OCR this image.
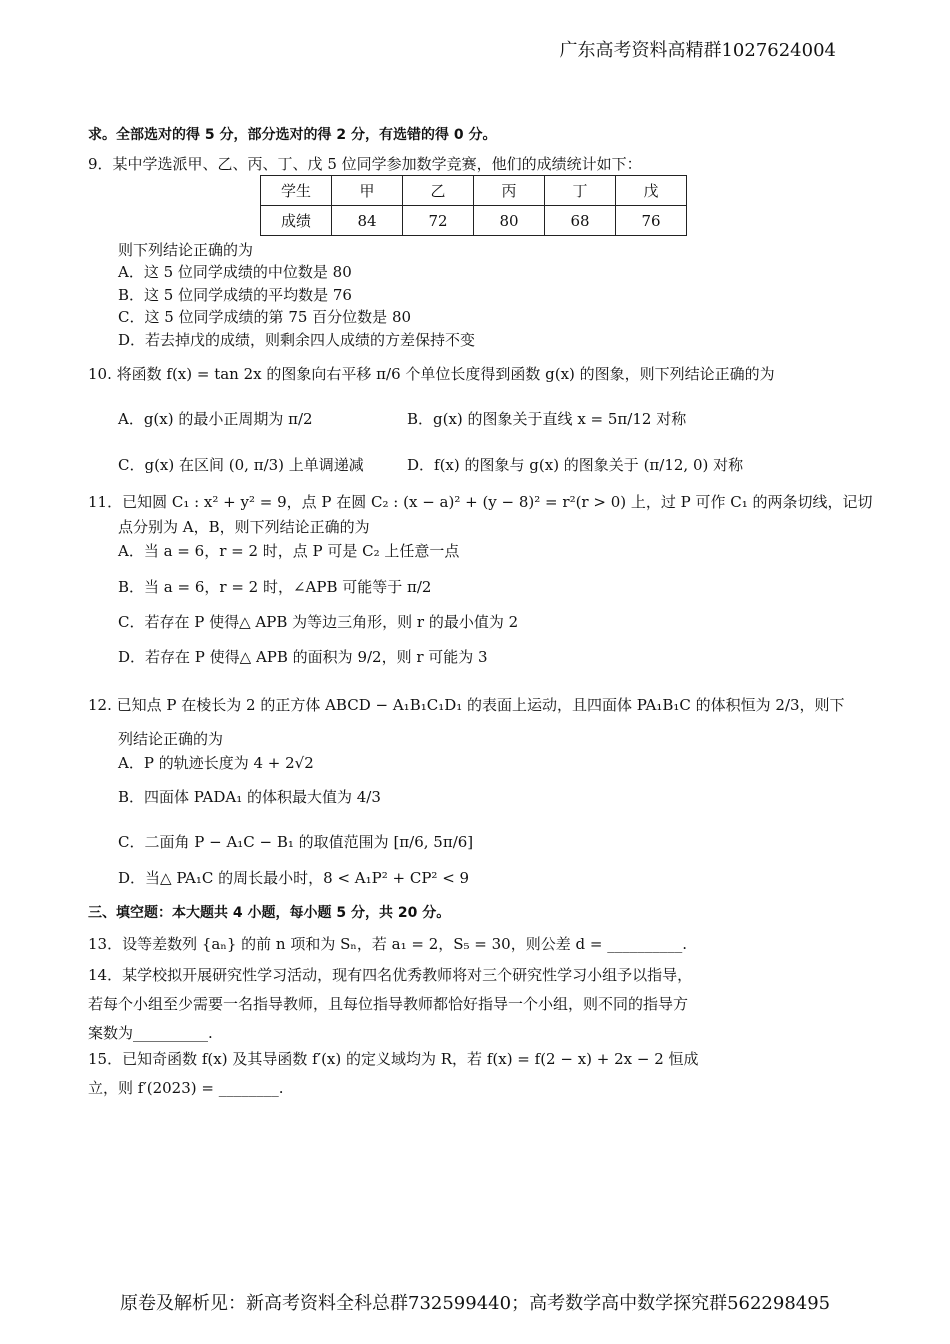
广东高考资料高精群1027624004
求。全部选对的得 5 分，部分选对的得 2 分，有选错的得 0 分。
9．某中学选派甲、乙、丙、丁、戊 5 位同学参加数学竞赛，他们的成绩统计如下：
学生	甲	乙	丙	丁	戊
成绩	84	72	80	68	76
则下列结论正确的为
A．这 5 位同学成绩的中位数是 80
B．这 5 位同学成绩的平均数是 76
C．这 5 位同学成绩的第 75 百分位数是 80
D．若去掉戊的成绩，则剩余四人成绩的方差保持不变
10. 将函数 f(x) = tan 2x 的图象向右平移 π/6 个单位长度得到函数 g(x) 的图象，则下列结论正确的为
A．g(x) 的最小正周期为 π/2	B．g(x) 的图象关于直线 x = 5π/12 对称
C．g(x) 在区间 (0, π/3) 上单调递减	D．f(x) 的图象与 g(x) 的图象关于 (π/12, 0) 对称
11．已知圆 C₁ : x² + y² = 9，点 P 在圆 C₂ : (x − a)² + (y − 8)² = r²(r > 0) 上，过 P 可作 C₁ 的两条切线，记切
点分别为 A，B，则下列结论正确的为
A．当 a = 6，r = 2 时，点 P 可是 C₂ 上任意一点
B．当 a = 6，r = 2 时，∠APB 可能等于 π/2
C．若存在 P 使得△ APB 为等边三角形，则 r 的最小值为 2
D．若存在 P 使得△ APB 的面积为 9/2，则 r 可能为 3
12. 已知点 P 在棱长为 2 的正方体 ABCD − A₁B₁C₁D₁ 的表面上运动，且四面体 PA₁B₁C 的体积恒为 2/3，则下
列结论正确的为
A．P 的轨迹长度为 4 + 2√2
B．四面体 PADA₁ 的体积最大值为 4/3
C．二面角 P − A₁C − B₁ 的取值范围为 [π/6, 5π/6]
D．当△ PA₁C 的周长最小时，8 < A₁P² + CP² < 9
三、填空题：本大题共 4 小题，每小题 5 分，共 20 分。
13．设等差数列 {aₙ} 的前 n 项和为 Sₙ，若 a₁ = 2，S₅ = 30，则公差 d = __________.
14．某学校拟开展研究性学习活动，现有四名优秀教师将对三个研究性学习小组予以指导，
若每个小组至少需要一名指导教师，且每位指导教师都恰好指导一个小组，则不同的指导方
案数为__________.
15．已知奇函数 f(x) 及其导函数 f′(x) 的定义域均为 R，若 f(x) = f(2 − x) + 2x − 2 恒成
立，则 f′(2023) = ________.
原卷及解析见：新高考资料全科总群732599440；高考数学高中数学探究群562298495
